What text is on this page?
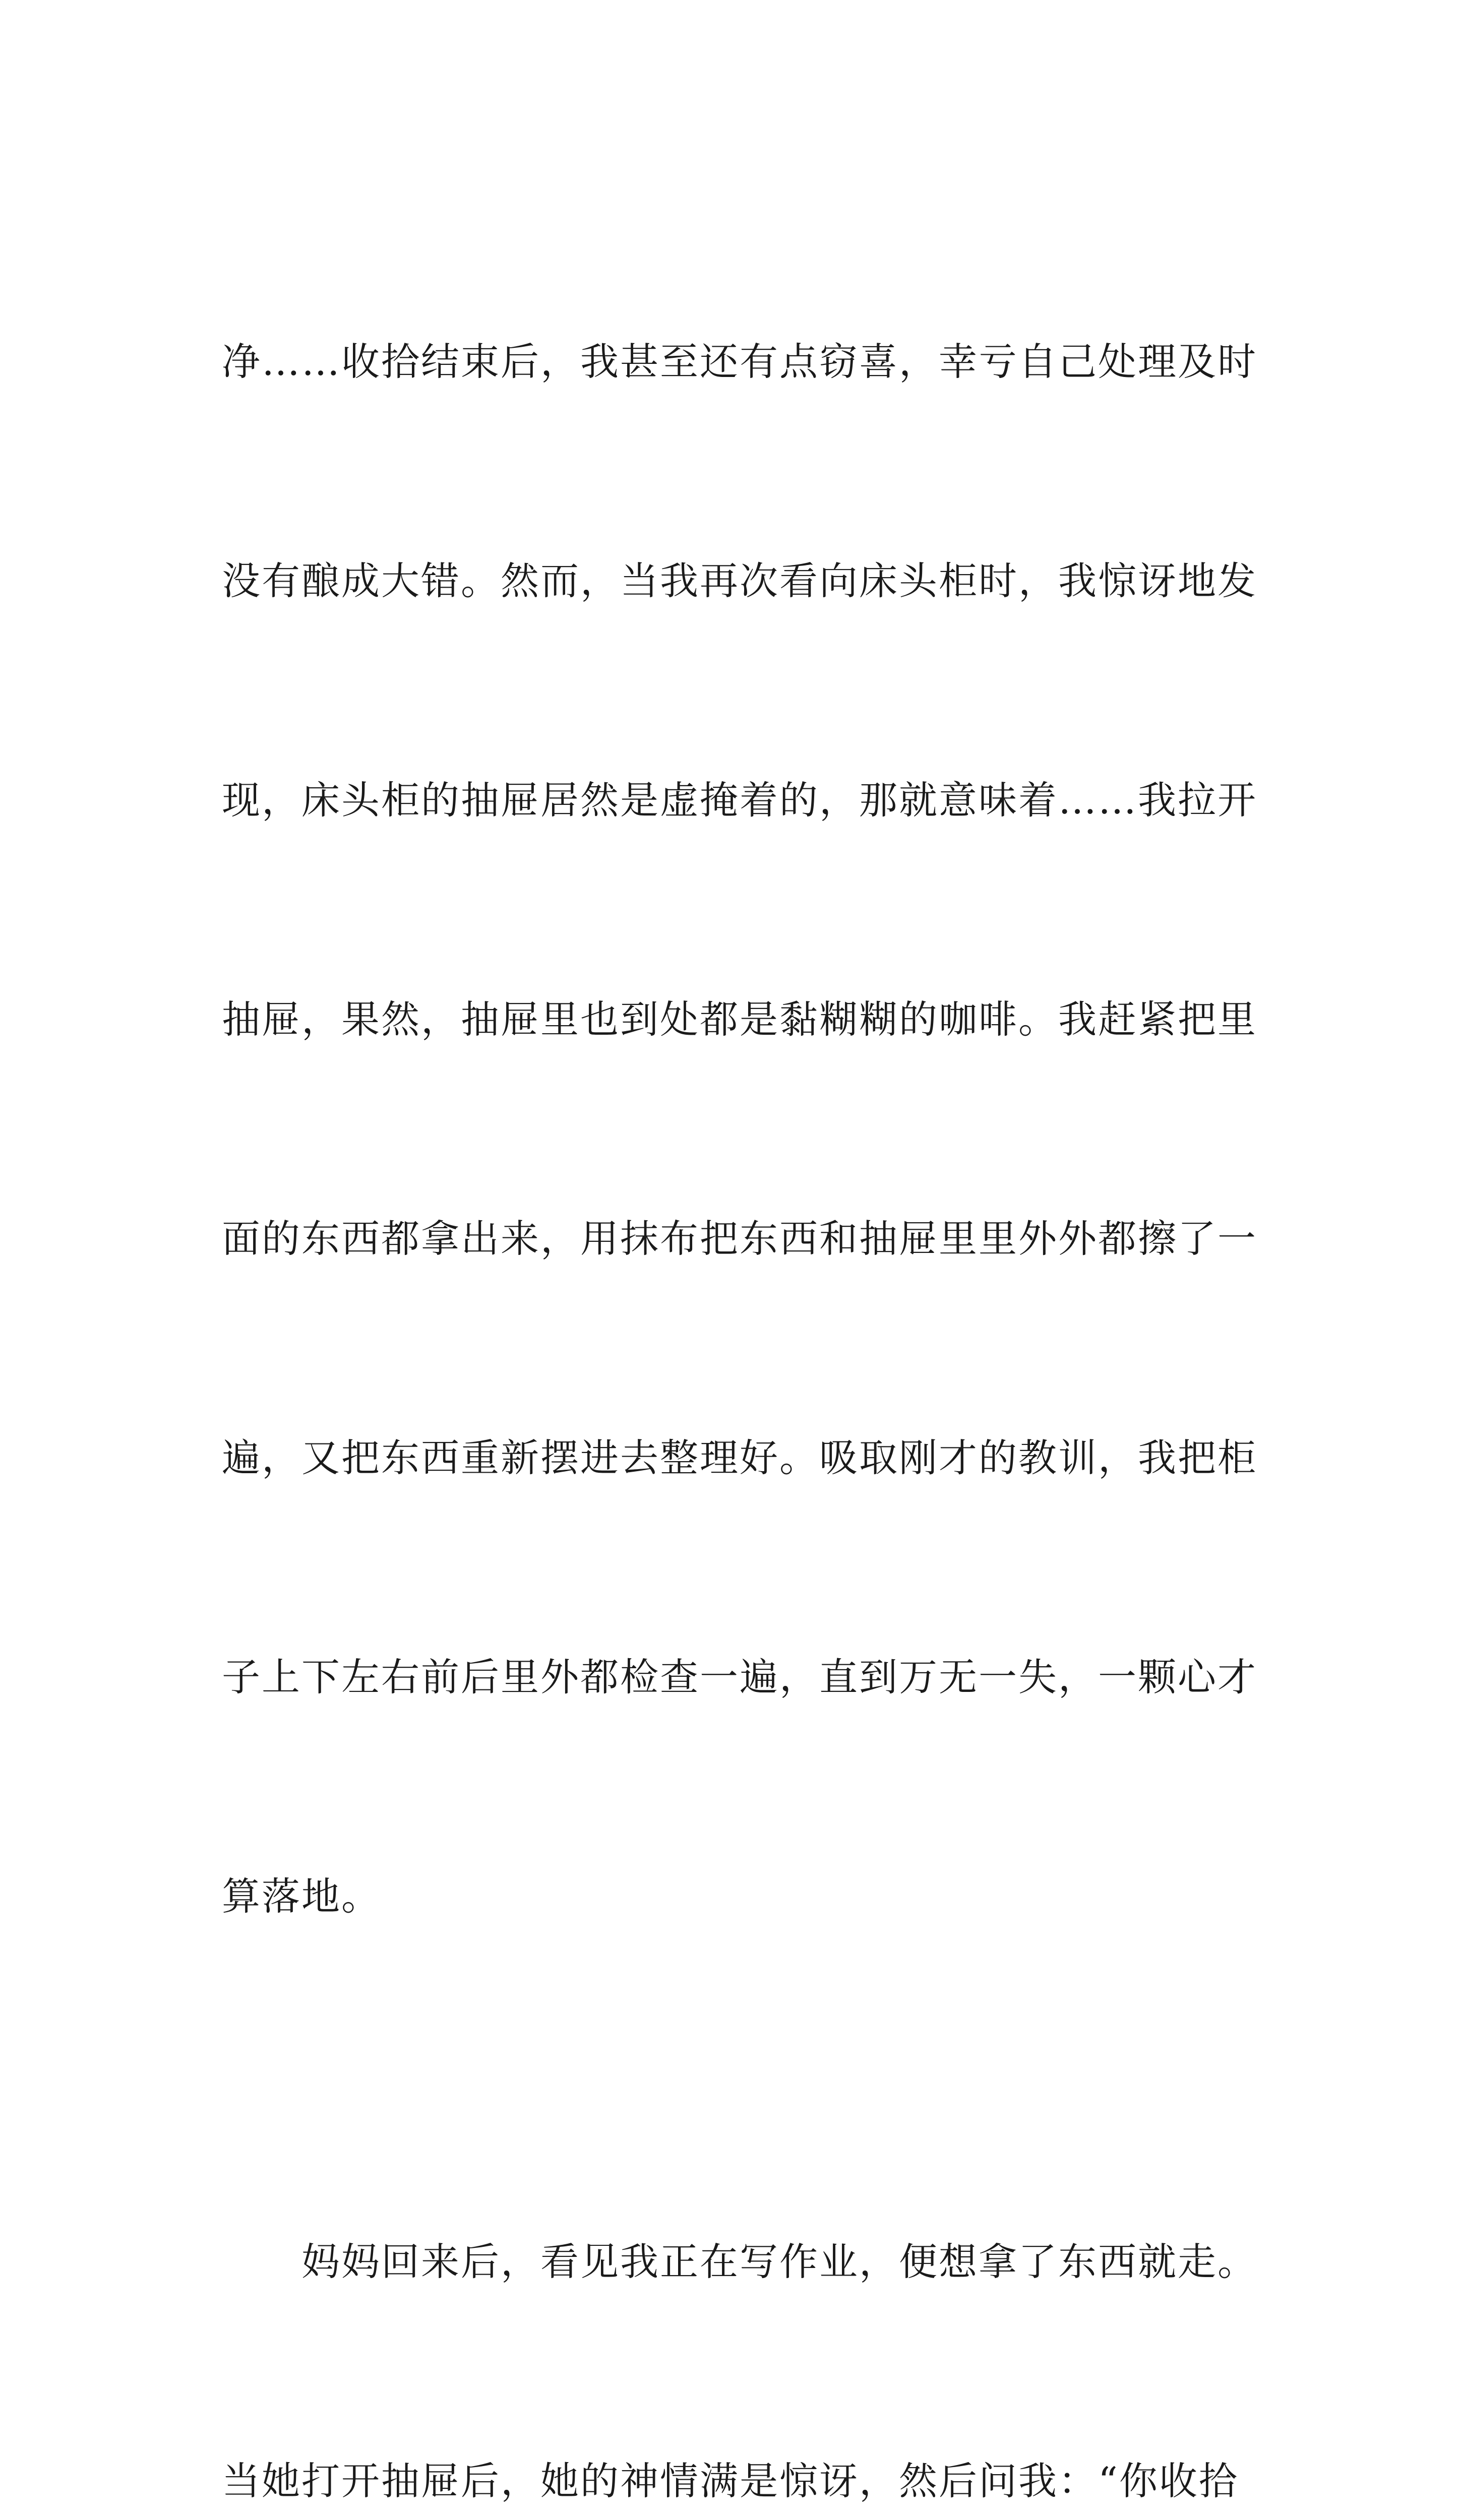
净……收拾结束后，我甚至还有点窃喜，幸亏自己处理及时

没有酿成大错。然而，当我再次看向床头柜时，我惊讶地发

现，床头柜的抽屉居然是虚掩着的，那就意味着……我拉开

抽屉，果然，抽屉里也到处都是黏糊糊的咖啡。我赶紧把里

面的东西都拿出来，用抹布把东西和抽屉里里外外都擦了一

遍，又把东西重新摆进去整理好。吸取刚才的教训，我把柜

子上下左右前后里外都检查一遍，直到万无一失，一颗心才

算落地。

　　妈妈回来后，看见我正在写作业，便想拿了东西就走。

当她打开抽屉后，她的神情满是惊讶，然后问我：“你收拾
